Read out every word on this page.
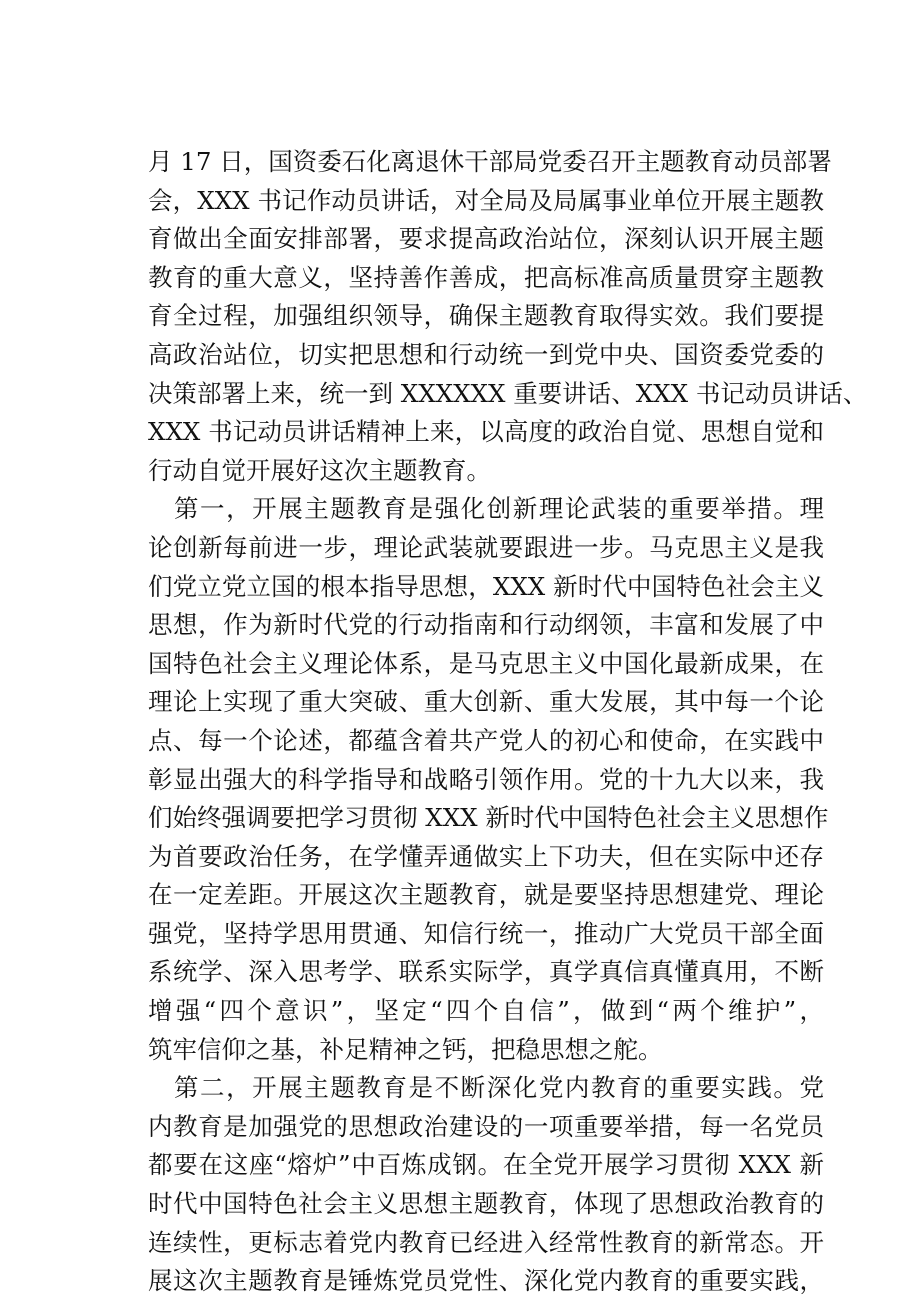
月 17 日，国资委石化离退休干部局党委召开主题教育动员部署
会，XXX 书记作动员讲话，对全局及局属事业单位开展主题教
育做出全面安排部署，要求提高政治站位，深刻认识开展主题
教育的重大意义，坚持善作善成，把高标准高质量贯穿主题教
育全过程，加强组织领导，确保主题教育取得实效。我们要提
高政治站位，切实把思想和行动统一到党中央、国资委党委的
决策部署上来，统一到 XXXXXX 重要讲话、XXX 书记动员讲话、
XXX 书记动员讲话精神上来，以高度的政治自觉、思想自觉和
行动自觉开展好这次主题教育。
第一，开展主题教育是强化创新理论武装的重要举措。理
论创新每前进一步，理论武装就要跟进一步。马克思主义是我
们党立党立国的根本指导思想，XXX 新时代中国特色社会主义
思想，作为新时代党的行动指南和行动纲领，丰富和发展了中
国特色社会主义理论体系，是马克思主义中国化最新成果，在
理论上实现了重大突破、重大创新、重大发展，其中每一个论
点、每一个论述，都蕴含着共产党人的初心和使命，在实践中
彰显出强大的科学指导和战略引领作用。党的十九大以来，我
们始终强调要把学习贯彻 XXX 新时代中国特色社会主义思想作
为首要政治任务，在学懂弄通做实上下功夫，但在实际中还存
在一定差距。开展这次主题教育，就是要坚持思想建党、理论
强党，坚持学思用贯通、知信行统一，推动广大党员干部全面
系统学、深入思考学、联系实际学，真学真信真懂真用，不断
增强“四个意识”，坚定“四个自信”，做到“两个维护”，
筑牢信仰之基，补足精神之钙，把稳思想之舵。
第二，开展主题教育是不断深化党内教育的重要实践。党
内教育是加强党的思想政治建设的一项重要举措，每一名党员
都要在这座“熔炉”中百炼成钢。在全党开展学习贯彻 XXX 新
时代中国特色社会主义思想主题教育，体现了思想政治教育的
连续性，更标志着党内教育已经进入经常性教育的新常态。开
展这次主题教育是锤炼党员党性、深化党内教育的重要实践，
